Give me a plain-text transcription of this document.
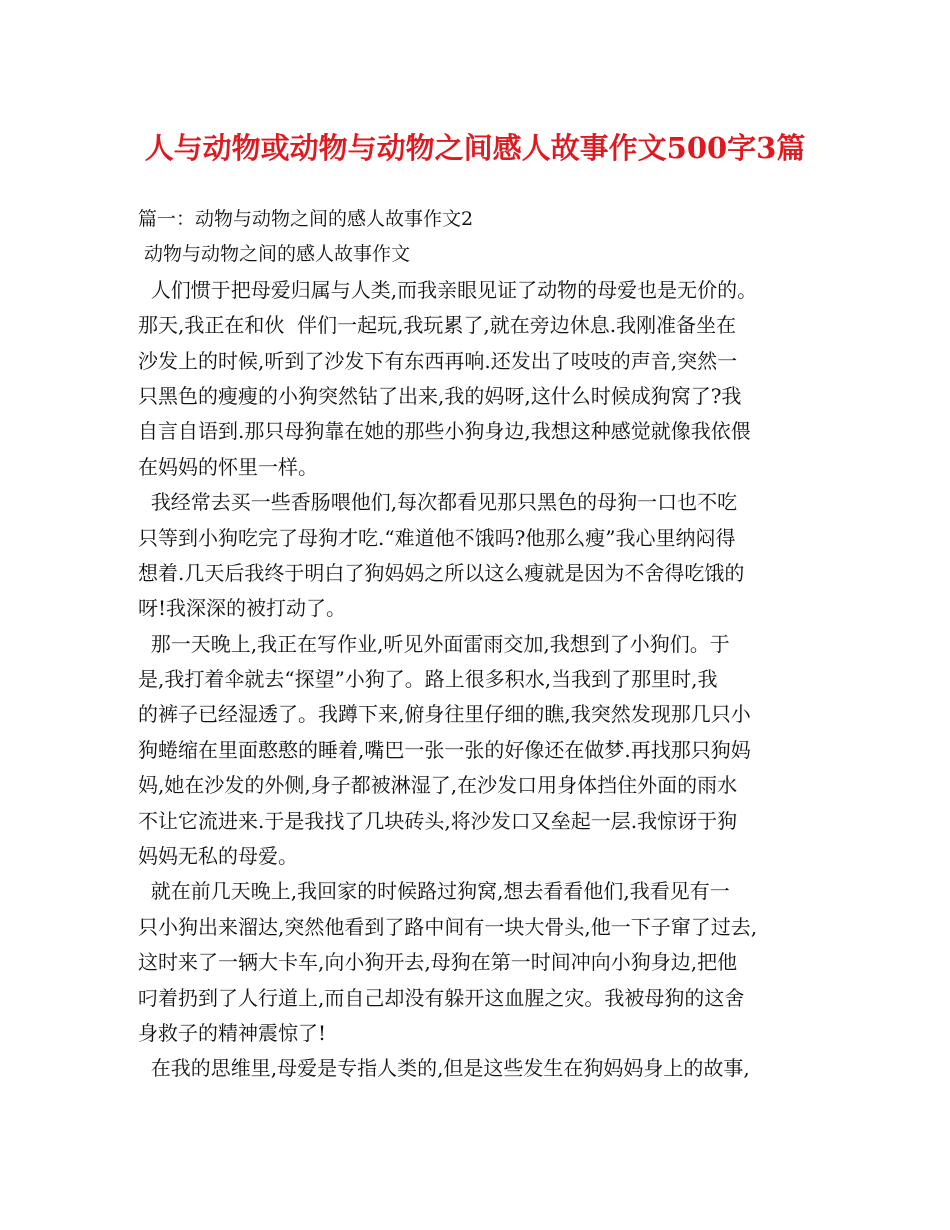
人与动物或动物与动物之间感人故事作文500字3篇
篇一：动物与动物之间的感人故事作文2
动物与动物之间的感人故事作文
人们惯于把母爱归属与人类,而我亲眼见证了动物的母爱也是无价的。
那天,我正在和伙  伴们一起玩,我玩累了,就在旁边休息.我刚准备坐在
沙发上的时候,听到了沙发下有东西再响.还发出了吱吱的声音,突然一
只黑色的瘦瘦的小狗突然钻了出来,我的妈呀,这什么时候成狗窝了?我
自言自语到.那只母狗靠在她的那些小狗身边,我想这种感觉就像我依偎
在妈妈的怀里一样。
我经常去买一些香肠喂他们,每次都看见那只黑色的母狗一口也不吃
只等到小狗吃完了母狗才吃.“难道他不饿吗?他那么瘦”我心里纳闷得
想着.几天后我终于明白了狗妈妈之所以这么瘦就是因为不舍得吃饿的
呀!我深深的被打动了。
那一天晚上,我正在写作业,听见外面雷雨交加,我想到了小狗们。于
是,我打着伞就去“探望”小狗了。路上很多积水,当我到了那里时,我
的裤子已经湿透了。我蹲下来,俯身往里仔细的瞧,我突然发现那几只小
狗蜷缩在里面憨憨的睡着,嘴巴一张一张的好像还在做梦.再找那只狗妈
妈,她在沙发的外侧,身子都被淋湿了,在沙发口用身体挡住外面的雨水
不让它流进来.于是我找了几块砖头,将沙发口又垒起一层.我惊讶于狗
妈妈无私的母爱。
就在前几天晚上,我回家的时候路过狗窝,想去看看他们,我看见有一
只小狗出来溜达,突然他看到了路中间有一块大骨头,他一下子窜了过去,
这时来了一辆大卡车,向小狗开去,母狗在第一时间冲向小狗身边,把他
叼着扔到了人行道上,而自己却没有躲开这血腥之灾。我被母狗的这舍
身救子的精神震惊了!
在我的思维里,母爱是专指人类的,但是这些发生在狗妈妈身上的故事,
